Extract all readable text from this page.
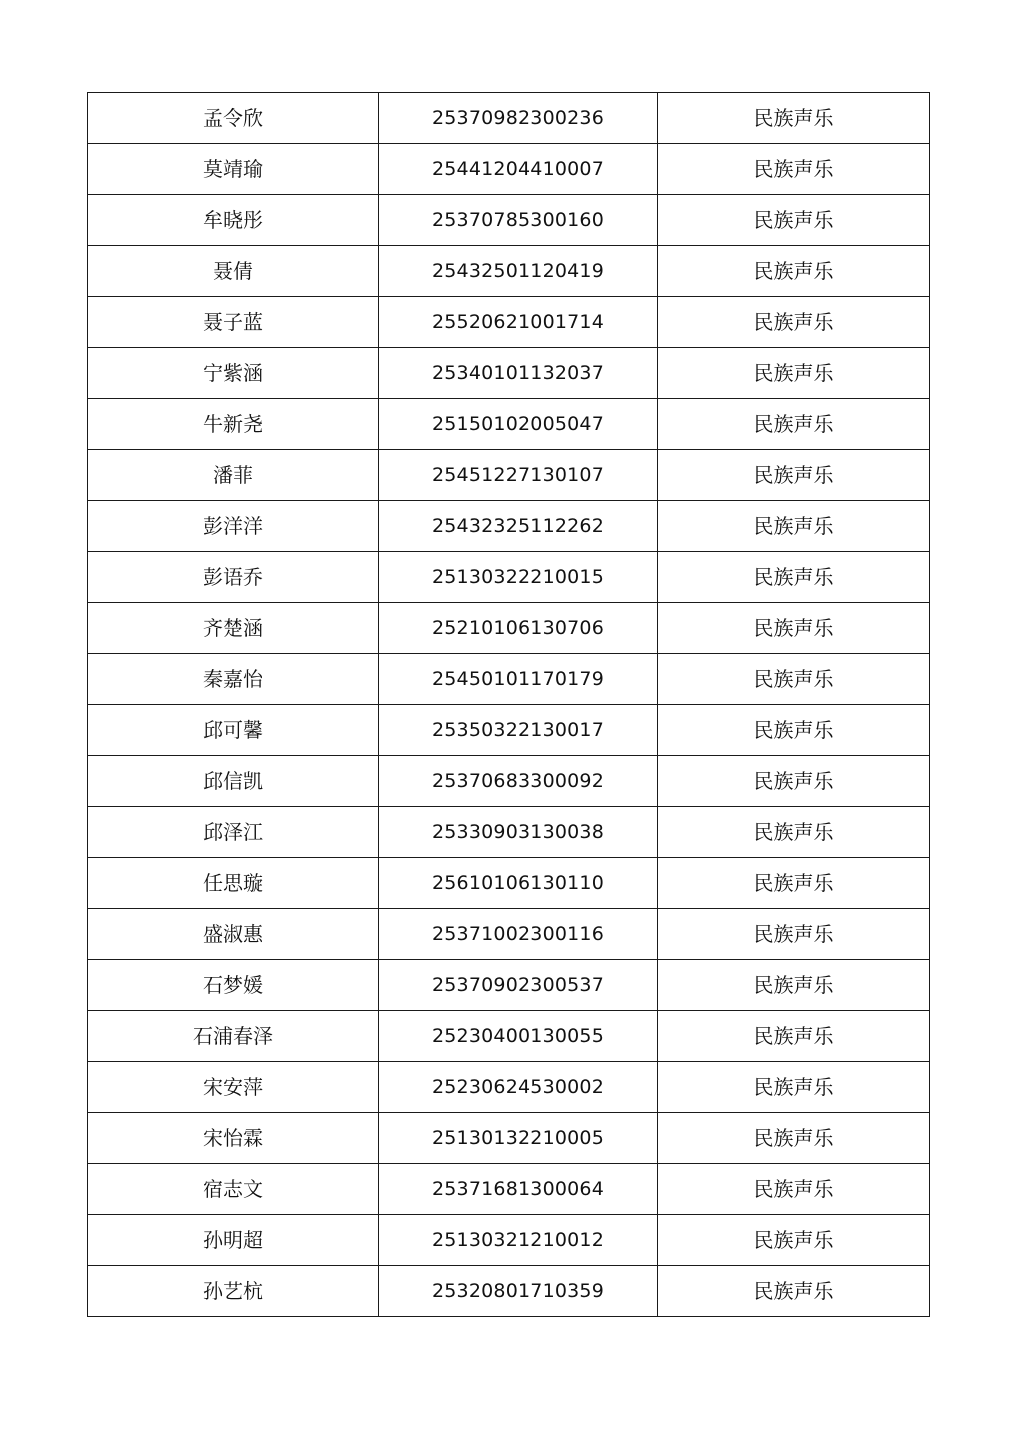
孟令欣	25370982300236	民族声乐
莫靖瑜	25441204410007	民族声乐
牟晓彤	25370785300160	民族声乐
聂倩	25432501120419	民族声乐
聂子蓝	25520621001714	民族声乐
宁紫涵	25340101132037	民族声乐
牛新尧	25150102005047	民族声乐
潘菲	25451227130107	民族声乐
彭洋洋	25432325112262	民族声乐
彭语乔	25130322210015	民族声乐
齐楚涵	25210106130706	民族声乐
秦嘉怡	25450101170179	民族声乐
邱可馨	25350322130017	民族声乐
邱信凯	25370683300092	民族声乐
邱泽江	25330903130038	民族声乐
任思璇	25610106130110	民族声乐
盛淑惠	25371002300116	民族声乐
石梦媛	25370902300537	民族声乐
石浦春泽	25230400130055	民族声乐
宋安萍	25230624530002	民族声乐
宋怡霖	25130132210005	民族声乐
宿志文	25371681300064	民族声乐
孙明超	25130321210012	民族声乐
孙艺杭	25320801710359	民族声乐
